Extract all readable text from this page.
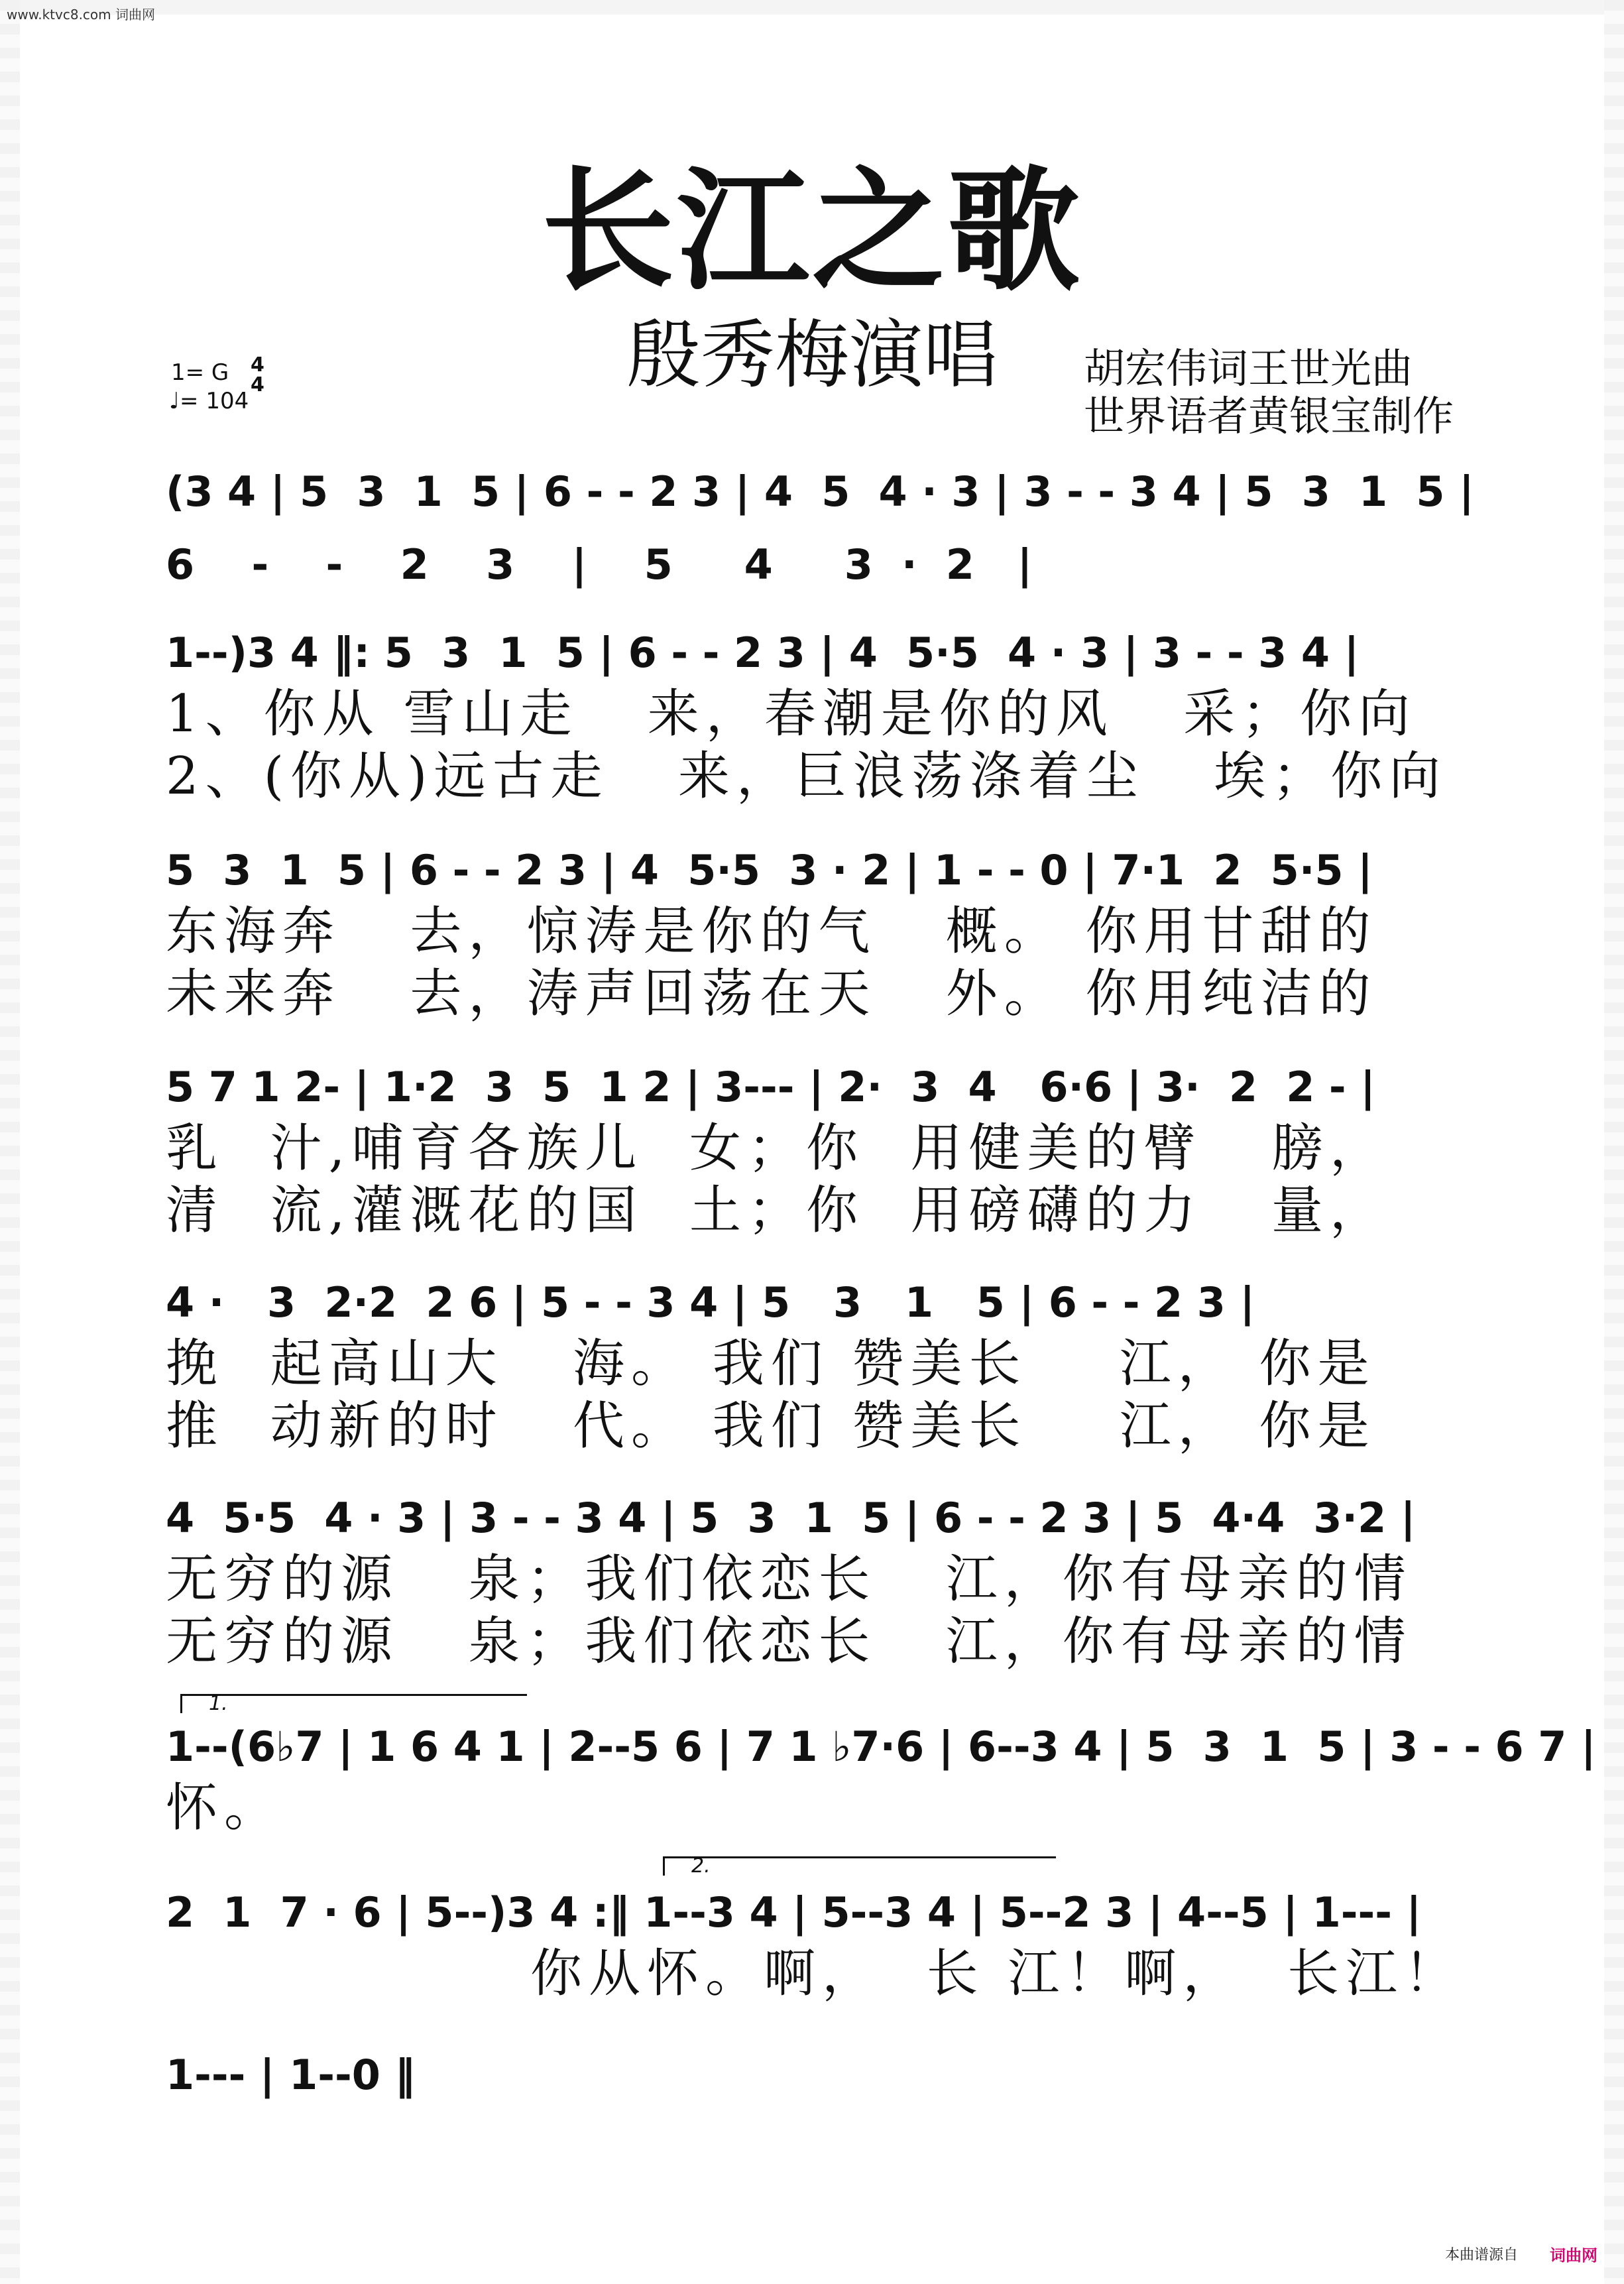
www.ktvc8.com 词曲网
长江之歌
殷秀梅演唱	胡宏伟词王世光曲
世界语者黄银宝制作
1= G 4
4
♩= 104
(3 4 | 5  3  1  5 | 6 - - 2 3 | 4  5  4 · 3 | 3 - - 3 4 | 5  3  1  5 |
6    -    -    2    3    |    5     4     3  ·  2   |
1--)3 4 ‖: 5  3  1  5 | 6 - - 2 3 | 4  5·5  4 · 3 | 3 - - 3 4 |
1、你从 雪山走   来，春潮是你的风   采；你向
2、(你从)远古走   来，巨浪荡涤着尘   埃；你向
5  3  1  5 | 6 - - 2 3 | 4  5·5  3 · 2 | 1 - - 0 | 7·1  2  5·5 |
东海奔   去，惊涛是你的气   概。 你用甘甜的
未来奔   去，涛声回荡在天   外。 你用纯洁的
5 7 1 2- | 1·2  3  5  1 2 | 3--- | 2·  3  4   6·6 | 3·  2  2 - |
乳  汁,哺育各族儿  女；你  用健美的臂   膀，
清  流,灌溉花的国  土；你  用磅礴的力   量，
4 ·   3  2·2  2 6 | 5 - - 3 4 | 5   3   1   5 | 6 - - 2 3 |
挽  起高山大   海。 我们 赞美长    江， 你是
推  动新的时   代。 我们 赞美长    江， 你是
4  5·5  4 · 3 | 3 - - 3 4 | 5  3  1  5 | 6 - - 2 3 | 5  4·4  3·2 |
无穷的源   泉；我们依恋长   江，你有母亲的情
无穷的源   泉；我们依恋长   江，你有母亲的情
1.
1--(6♭7 | 1 6 4 1 | 2--5 6 | 7 1 ♭7·6 | 6--3 4 | 5  3  1  5 | 3 - - 6 7 |
怀。
2.
2  1  7 · 6 | 5--)3 4 :‖ 1--3 4 | 5--3 4 | 5--2 3 | 4--5 | 1--- |
你从怀。啊，  长 江！啊，  长江！
1--- | 1--0 ‖
本曲谱源自 词曲网
